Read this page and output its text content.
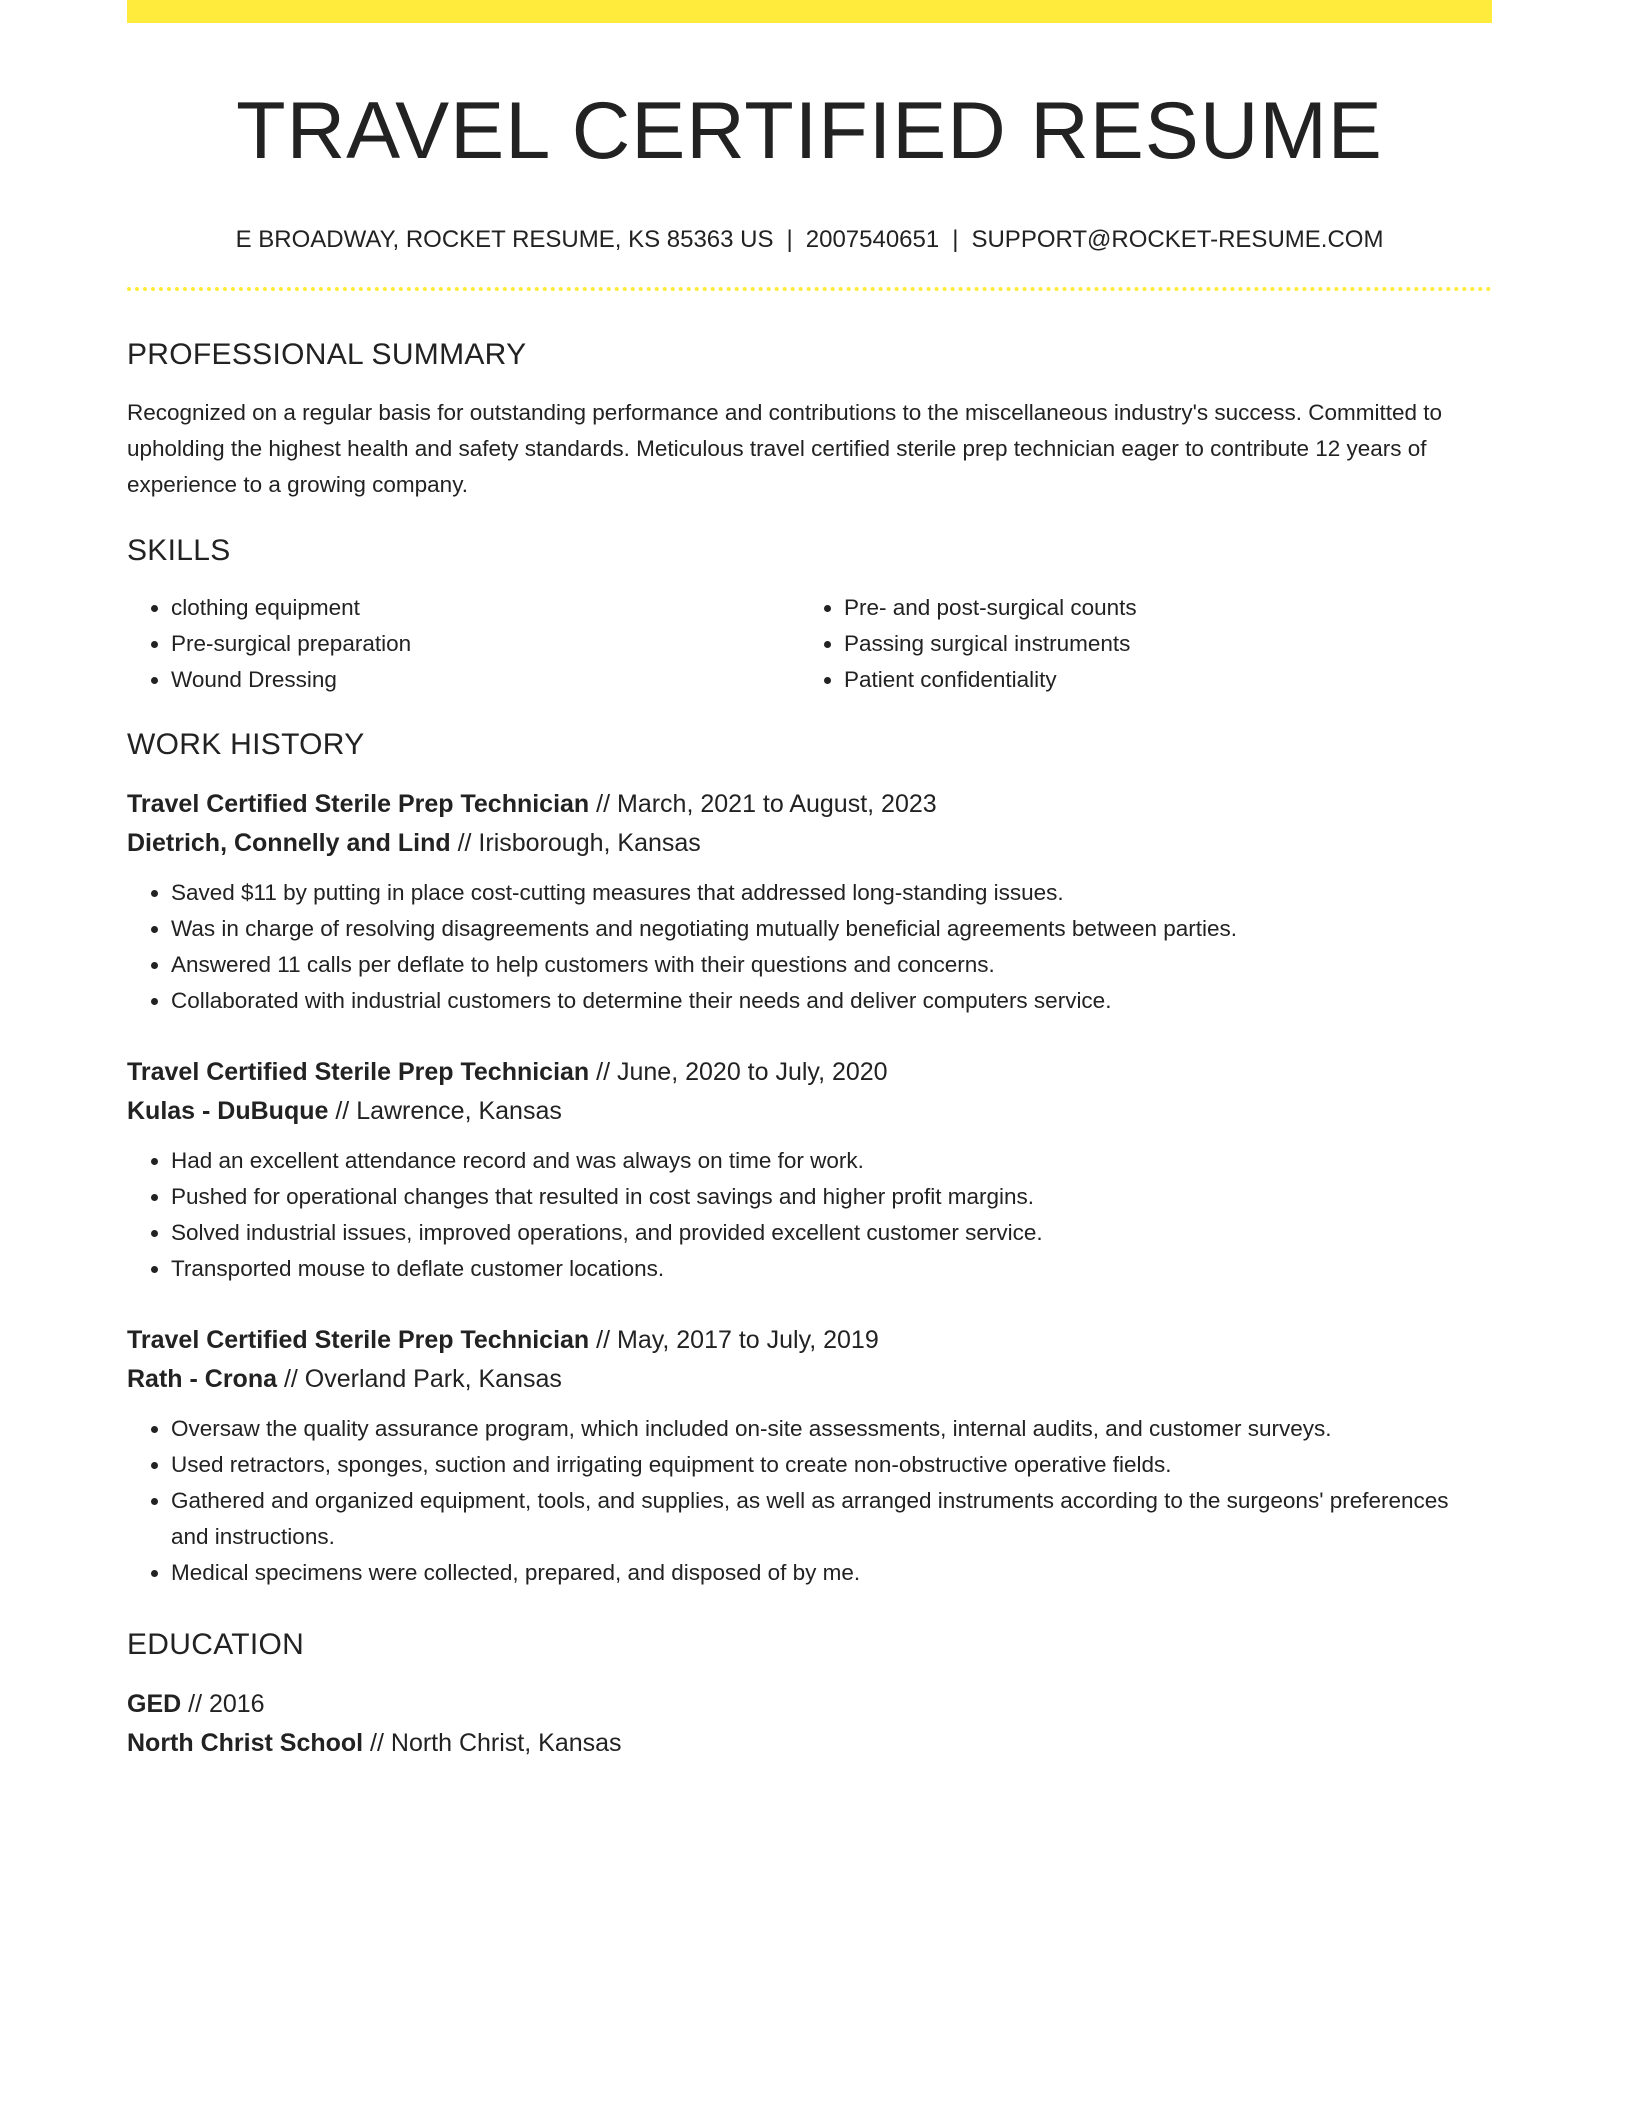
TRAVEL CERTIFIED RESUME
E BROADWAY, ROCKET RESUME, KS 85363 US | 2007540651 | SUPPORT@ROCKET-RESUME.COM
PROFESSIONAL SUMMARY
Recognized on a regular basis for outstanding performance and contributions to the miscellaneous industry's success. Committed to upholding the highest health and safety standards. Meticulous travel certified sterile prep technician eager to contribute 12 years of experience to a growing company.
SKILLS
• clothing equipment
• Pre-surgical preparation
• Wound Dressing
• Pre- and post-surgical counts
• Passing surgical instruments
• Patient confidentiality
WORK HISTORY
Travel Certified Sterile Prep Technician // March, 2021 to August, 2023
Dietrich, Connelly and Lind // Irisborough, Kansas
• Saved $11 by putting in place cost-cutting measures that addressed long-standing issues.
• Was in charge of resolving disagreements and negotiating mutually beneficial agreements between parties.
• Answered 11 calls per deflate to help customers with their questions and concerns.
• Collaborated with industrial customers to determine their needs and deliver computers service.
Travel Certified Sterile Prep Technician // June, 2020 to July, 2020
Kulas - DuBuque // Lawrence, Kansas
• Had an excellent attendance record and was always on time for work.
• Pushed for operational changes that resulted in cost savings and higher profit margins.
• Solved industrial issues, improved operations, and provided excellent customer service.
• Transported mouse to deflate customer locations.
Travel Certified Sterile Prep Technician // May, 2017 to July, 2019
Rath - Crona // Overland Park, Kansas
• Oversaw the quality assurance program, which included on-site assessments, internal audits, and customer surveys.
• Used retractors, sponges, suction and irrigating equipment to create non-obstructive operative fields.
• Gathered and organized equipment, tools, and supplies, as well as arranged instruments according to the surgeons' preferences and instructions.
• Medical specimens were collected, prepared, and disposed of by me.
EDUCATION
GED // 2016
North Christ School // North Christ, Kansas
